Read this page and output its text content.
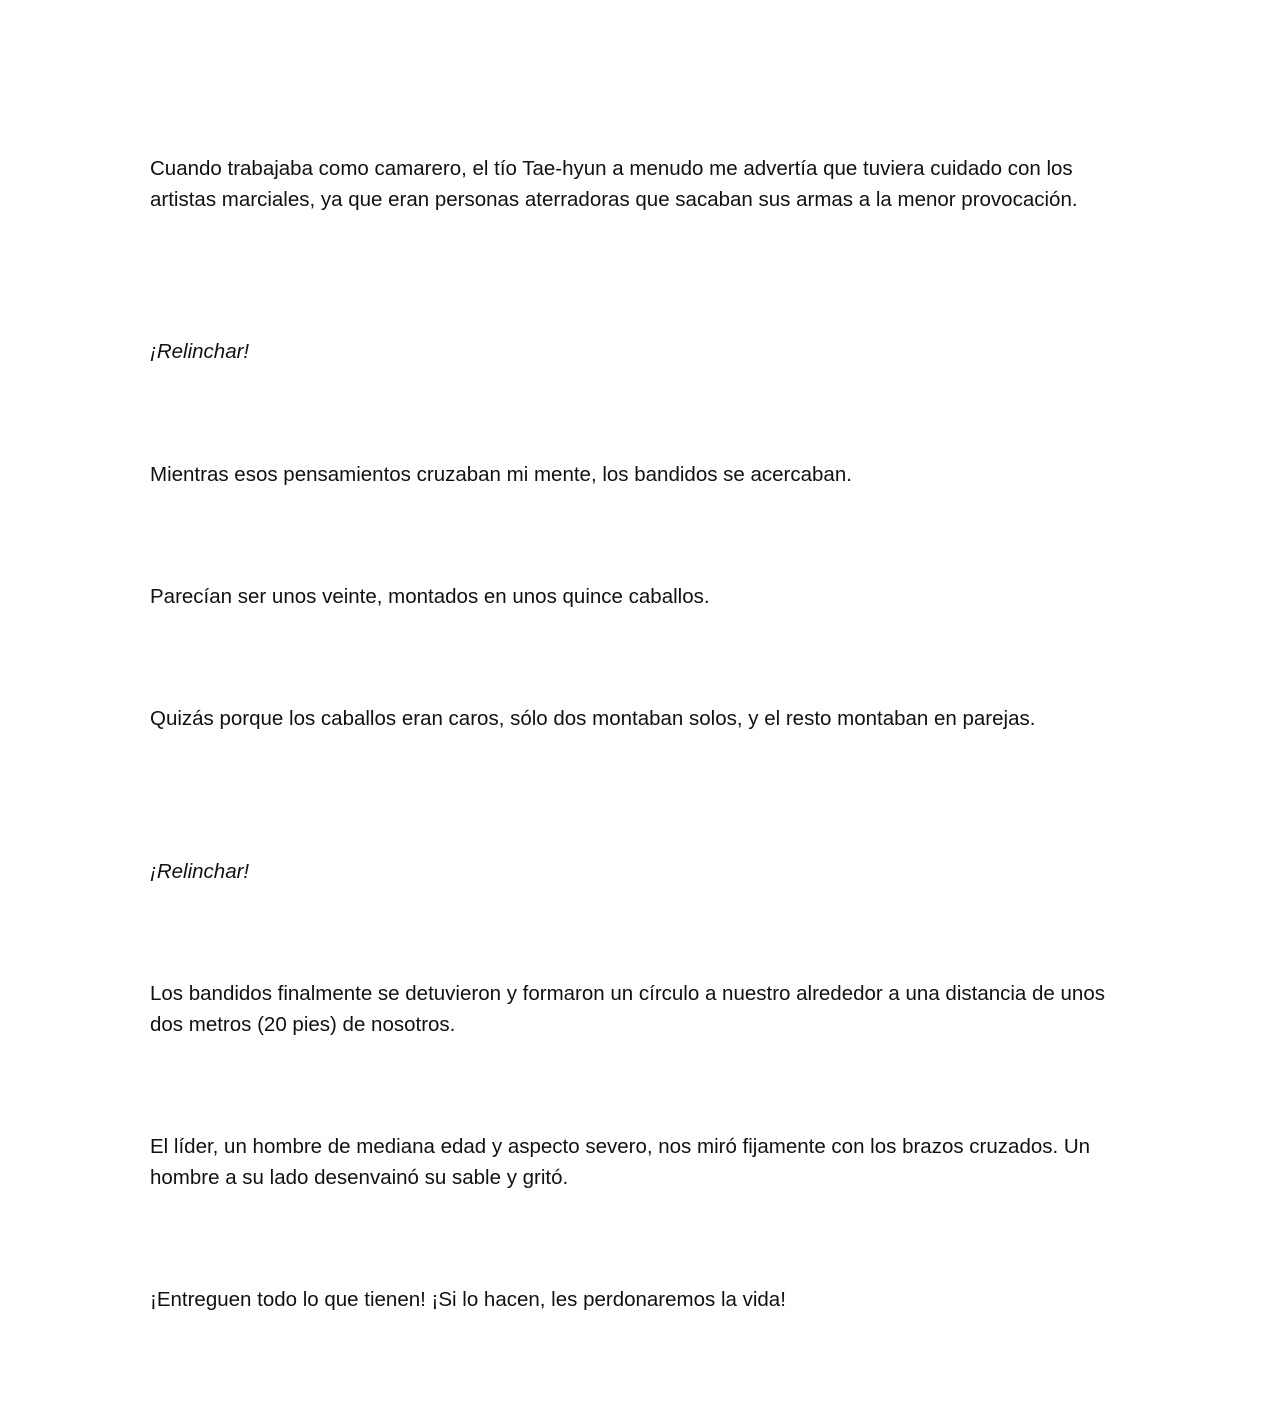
Cuando trabajaba como camarero, el tío Tae-hyun a menudo me advertía que tuviera cuidado con los artistas marciales, ya que eran personas aterradoras que sacaban sus armas a la menor provocación.

¡Relinchar!

Mientras esos pensamientos cruzaban mi mente, los bandidos se acercaban.

Parecían ser unos veinte, montados en unos quince caballos.

Quizás porque los caballos eran caros, sólo dos montaban solos, y el resto montaban en parejas.

¡Relinchar!

Los bandidos finalmente se detuvieron y formaron un círculo a nuestro alrededor a una distancia de unos dos metros (20 pies) de nosotros.

El líder, un hombre de mediana edad y aspecto severo, nos miró fijamente con los brazos cruzados. Un hombre a su lado desenvainó su sable y gritó.

¡Entreguen todo lo que tienen! ¡Si lo hacen, les perdonaremos la vida!
